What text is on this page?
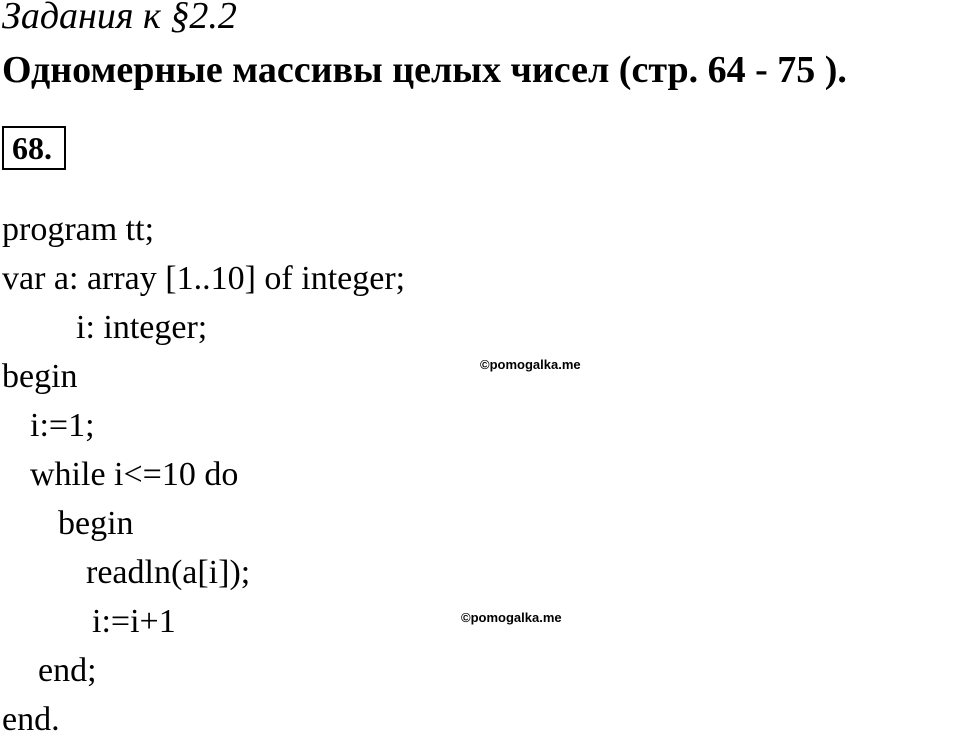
Задания к §2.2
Одномерные массивы целых чисел (стр. 64 - 75 ).
68.
program tt;
var a: array [1..10] of integer;
i: integer;
begin
i:=1;
while i<=10 do
begin
readln(a[i]);
i:=i+1
end;
end.
©pomogalka.me
©pomogalka.me
